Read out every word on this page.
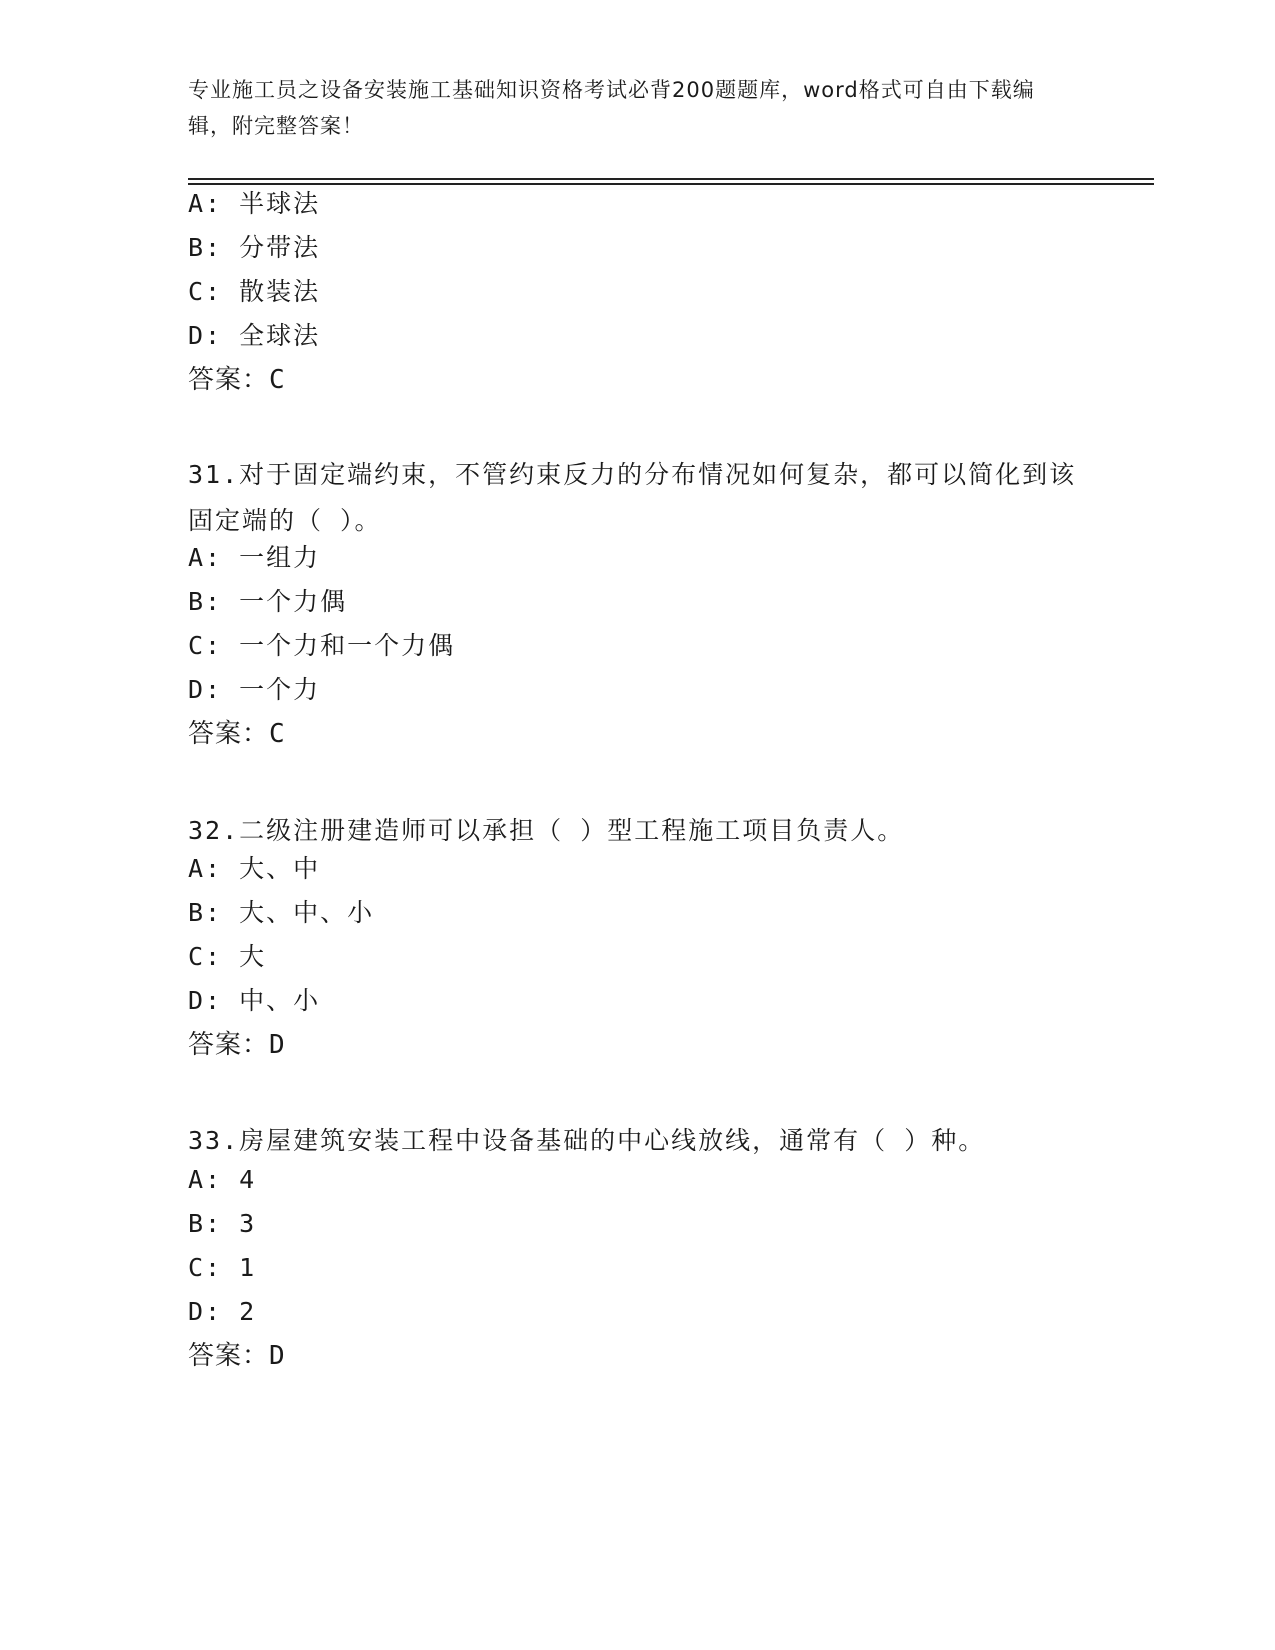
专业施工员之设备安装施工基础知识资格考试必背200题题库，word格式可自由下载编辑，附完整答案！
A: 半球法
B: 分带法
C: 散装法
D: 全球法
答案：C
31.对于固定端约束，不管约束反力的分布情况如何复杂，都可以简化到该固定端的（ ）。
A: 一组力
B: 一个力偶
C: 一个力和一个力偶
D: 一个力
答案：C
32.二级注册建造师可以承担（ ）型工程施工项目负责人。
A: 大、中
B: 大、中、小
C: 大
D: 中、小
答案：D
33.房屋建筑安装工程中设备基础的中心线放线，通常有（ ）种。
A: 4
B: 3
C: 1
D: 2
答案：D
